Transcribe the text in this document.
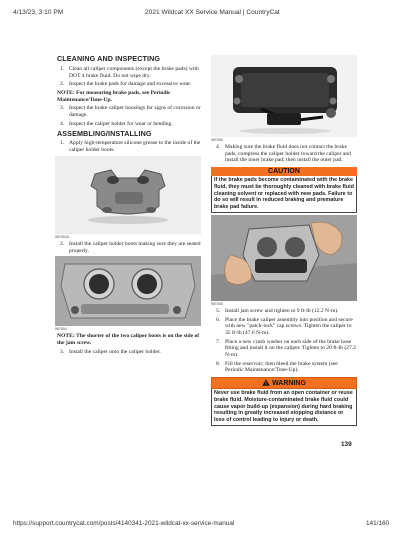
4/13/23, 3:10 PM	2021 Wildcat XX Service Manual | CountryCat
CLEANING AND INSPECTING
1. Clean all caliper components (except the brake pads) with DOT 4 brake fluid. Do not wipe dry.
2. Inspect the brake pads for damage and excessive wear.
NOTE: For measuring brake pads, see Periodic Maintenance/Tune-Up.
3. Inspect the brake caliper housings for signs of corrosion or damage.
4. Inspect the caliper holder for wear or bending.
ASSEMBLING/INSTALLING
1. Apply high-temperature silicone grease to the inside of the caliper holder boots.
WE553A
2. Install the caliper holder boots making sure they are seated properly.
WE554
NOTE: The shorter of the two caliper boots is on the side of the jam screw.
3. Install the caliper onto the caliper holder.
WE556
4. Making sure the brake fluid does not contact the brake pads, compress the caliper holder toward the caliper and install the inner brake pad; then install the outer pad.
CAUTION
If the brake pads become contaminated with the brake fluid, they must be thoroughly cleaned with brake fluid cleaning solvent or replaced with new pads. Failure to do so will result in reduced braking and premature brake pad failure.
WE555
5. Install jam screw and tighten to 9 ft-lb (12.2 N-m).
6. Place the brake caliper assembly into position and secure with new "patch-lock" cap screws. Tighten the caliper to 35 ft-lb (47.6 N-m).
7. Place a new crush washer on each side of the brake hose fitting and install it on the caliper. Tighten to 20 ft-lb (27.2 N-m).
8. Fill the reservoir; then bleed the brake system (see Periodic Maintenance/Tune-Up).
WARNING
Never use brake fluid from an open container or reuse brake fluid. Moisture-contaminated brake fluid could cause vapor build-up (expansion) during hard braking resulting in greatly increased stopping distance or loss of control leading to injury or death.
139
https://support.countrycat.com/posts/4140341-2021-wildcat-xx-service-manual	141/160
